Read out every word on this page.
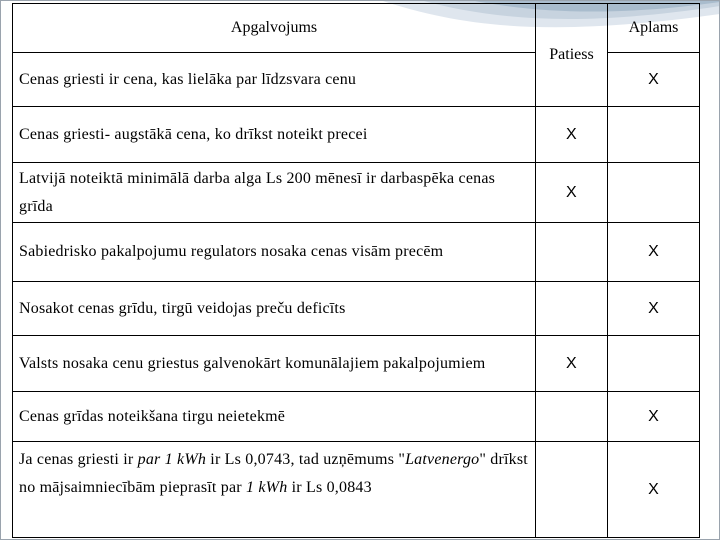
Apgalvojums	Patiess	Aplams
Cenas griesti ir cena, kas lielāka par līdzsvara cenu		X
Cenas griesti- augstākā cena, ko drīkst noteikt precei	X	
Latvijā noteiktā minimālā darba alga Ls 200 mēnesī ir darbaspēka cenas grīda	X	
Sabiedrisko pakalpojumu regulators nosaka cenas visām precēm		X
Nosakot cenas grīdu, tirgū veidojas preču deficīts		X
Valsts nosaka cenu griestus galvenokārt komunālajiem pakalpojumiem	X	
Cenas grīdas noteikšana tirgu neietekmē		X
Ja cenas griesti ir par 1 kWh ir Ls 0,0743, tad uzņēmums "Latvenergo" drīkst no mājsaimniecībām pieprasīt par 1 kWh ir Ls 0,0843		X
